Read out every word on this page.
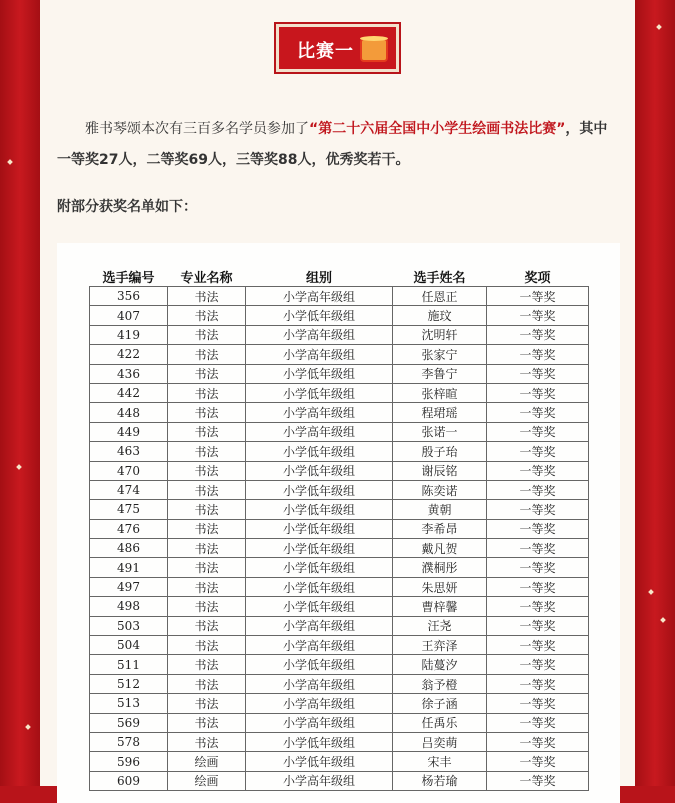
比赛一

雅书琴颂本次有三百多名学员参加了“第二十六届全国中小学生绘画书法比赛”，其中一等奖27人，二等奖69人，三等奖88人，优秀奖若干。

附部分获奖名单如下：
选手编号	专业名称	组别	选手姓名	奖项
356	书法	小学高年级组	任恩正	一等奖
407	书法	小学低年级组	施玟	一等奖
419	书法	小学高年级组	沈明轩	一等奖
422	书法	小学高年级组	张家宁	一等奖
436	书法	小学低年级组	李鲁宁	一等奖
442	书法	小学低年级组	张梓暄	一等奖
448	书法	小学高年级组	程珺瑶	一等奖
449	书法	小学高年级组	张诺一	一等奖
463	书法	小学低年级组	殷子珆	一等奖
470	书法	小学低年级组	谢辰铭	一等奖
474	书法	小学低年级组	陈奕诺	一等奖
475	书法	小学低年级组	黄朝	一等奖
476	书法	小学低年级组	李希昂	一等奖
486	书法	小学低年级组	戴凡贺	一等奖
491	书法	小学低年级组	濮桐彤	一等奖
497	书法	小学低年级组	朱思妍	一等奖
498	书法	小学低年级组	曹梓馨	一等奖
503	书法	小学高年级组	汪尧	一等奖
504	书法	小学高年级组	王弈泽	一等奖
511	书法	小学低年级组	陆蔓汐	一等奖
512	书法	小学高年级组	翁予橙	一等奖
513	书法	小学高年级组	徐子涵	一等奖
569	书法	小学高年级组	任禹乐	一等奖
578	书法	小学低年级组	吕奕萌	一等奖
596	绘画	小学低年级组	宋丰	一等奖
609	绘画	小学高年级组	杨若瑜	一等奖
